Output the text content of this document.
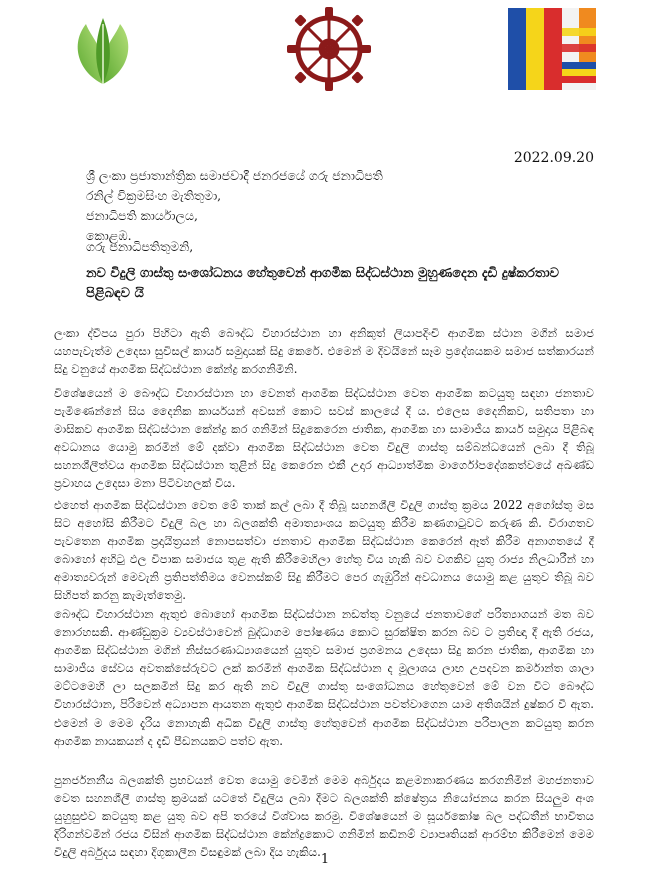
2022.09.20
ශ්‍රී ලංකා ප්‍රජාතාන්ත්‍රික සමාජවාදී ජනරජයේ ගරු ජනාධිපති
රනිල් වික්‍රමසිංහ මැතිතුමා,
ජනාධිපති කාර්යාලය,
කොළඹ.
ගරු ජනාධිපතිතුමනි,
නව විදුලි ගාස්තු සංශෝධනය හේතුවෙන් ආගමික සිද්ධස්ථාන මුහුණදෙන දැඩි දුෂ්කරතාව පිළිබඳව යි
ලංකා ද්වීපය පුරා පිහිටා ඇති බෞද්ධ විහාරස්ථාන හා අනිකුත් ලියාපදිංචි ආගමික ස්ථාන මගින් සමාජ යහපැවැත්ම උදෙසා සුවිසල් කාර්ය සමුදායක් සිදු කෙරේ. එමෙන් ම දිවයිනේ සෑම ප්‍රදේශයකම සමාජ සත්කාරයන් සිදු වනුයේ ආගමික සිද්ධස්ථාන කේන්ද්‍ර කරගනිමිනි.
විශේෂයෙන් ම බෞද්ධ විහාරස්ථාන හා වෙනත් ආගමික සිද්ධස්ථාන වෙත ආගමික කටයුතු සඳහා ජනතාව පැමිණෙන්නේ සිය දෛනික කාර්යයන් අවසන් කොට සවස් කාලයේ දී ය. එලෙස දෛනිකව, සතිපතා හා මාසිකව ආගමික සිද්ධස්ථාන කේන්ද්‍ර කර ගනිමින් සිදුකෙරෙන ජාතික, ආගමික හා සාමාජීය කාර්ය සමුදාය පිළිබඳ අවධානය යොමු කරමින් මේ දක්වා ආගමික සිද්ධස්ථාන වෙත විදුලි ගාස්තු සම්බන්ධයෙන් ලබා දී තිබූ සහනශීලීත්වය ආගමික සිද්ධස්ථාන තුළින් සිදු කෙරෙන එකී උදාර ආධ්‍යාත්මික මාර්ගෝපදේශකත්වයේ අඛණ්ඩ ප්‍රවාහය උදෙසා මනා පිටිවහලක් විය.
එහෙත් ආගමික සිද්ධස්ථාන වෙත මේ තාක් කල් ලබා දී තිබූ සහනශීලී විදුලි ගාස්තු ක්‍රමය 2022 අගෝස්තු මස සිට අහෝසි කිරීමට විදුලි බල හා බලශක්ති අමාත්‍යාංශය කටයුතු කිරීම කණගාටුවට කරුණ කි. විරාගතව පැවතෙන ආගමික ප්‍රදායිත්‍රයන් නොපසත්වා ජනතාව ආගමික සිද්ධස්ථාන කෙරෙන් ඈත් කිරීම අනාගතයේ දී බොහෝ අහිටු ඵල විපාක සමාජය තුළ ඇති කිරීමෙහිලා හේතු විය හැකි බව වගකිව යුතු රාජ්‍ය නිලධාරීන් හා අමාත්‍යවරුන් මෙවැනි ප්‍රතිපත්තිමය වෙනස්කම් සිදු කිරීමට පෙර ගැඹුරින් අවධානය යොමු කළ යුතුව තිබූ බව සිහිපත් කරනු කැමැත්තෙමු.
බෞද්ධ විහාරස්ථාන ඇතුළු බොහෝ ආගමික සිද්ධස්ථාන නඩත්තු වනුයේ ජනතාවගේ පරිත්‍යාගයන් මත බව නොරහසකි. ආණ්ඩුක්‍රම ව්‍යවස්ථාවෙන් බුද්ධාගම පෝෂණය කොට සුරක්ෂිත කරන බව ට ප්‍රතිඥා දී ඇති රජය, ආගමික සිද්ධස්ථාන මගින් නිස්සරණාධ්‍යාශයෙන් යුතුව සමාජ ප්‍රගමනය උදෙසා සිදු කරන ජාතික, ආගමික හා සාමාජීය සේවය අවතක්සේරුවට ලක් කරමින් ආගමික සිද්ධස්ථාන ද මූලාශය ලාභ උපදවන කර්මාන්ත ශාලා මට්ටමෙහි ලා සලකමින් සිදු කර ඇති නව විදුලි ගාස්තු සංශෝධනය හේතුවෙන් මේ වන විට බෞද්ධ විහාරස්ථාන, පිරිවෙන් අධ්‍යාපන ආයතන ඇතුළු ආගමික සිද්ධස්ථාන පවත්වාගෙන යාම අතිශයින් දුෂ්කර වී ඇත. එමෙන් ම මෙම දැරිය නොහැකි අධික විදුලි ගාස්තු හේතුවෙන් ආගමික සිද්ධස්ථාන පරිපාලන කටයුතු කරන ආගමික නායකයන් ද දැඩි පීඩනයකට පත්ව ඇත.
පුනර්ජනනීය බලශක්ති ප්‍රභවයන් වෙත යොමු වෙමින් මෙම අර්බුදය කළමනාකරණය කරගනිමින් මහජනතාව වෙත සහනශීලී ගාස්තු ක්‍රමයක් යටතේ විදුලිය ලබා දීමට බලශක්ති ක්ෂේත්‍රය නියෝජනය කරන සියලුම අංශ යුහුසුළුව කටයුතු කළ යුතු බව අපි තරයේ විශ්වාස කරමු. විශේෂයෙන් ම සූර්යකෝෂ බල පද්ධතීන් භාවිතය දිරිගන්වමින් රජය විසින් ආගමික සිද්ධස්ථාන කේන්ද්‍රකොට ගනිමින් කඩිනම් ව්‍යාපෘතියක් ආරම්භ කිරීමෙන් මෙම විදුලි අර්බුදය සඳහා දිගුකාලීන විසඳුමක් ලබා දිය හැකිය. 1
